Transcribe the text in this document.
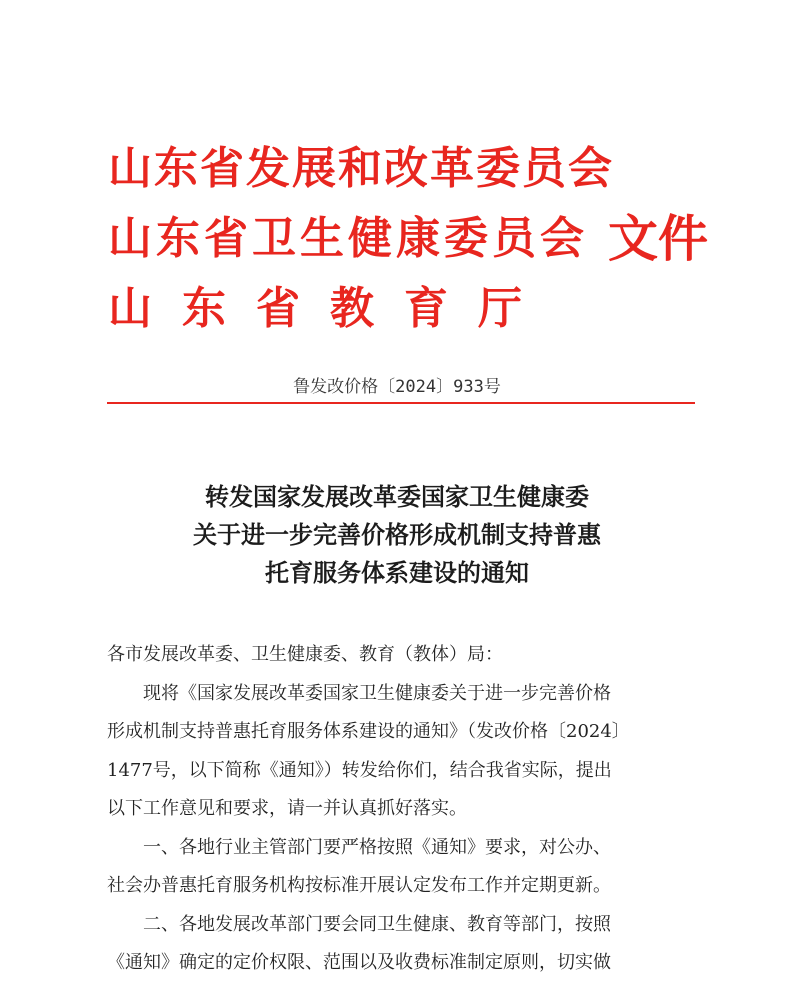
山东省发展和改革委员会
山东省卫生健康委员会
山东省教育厅
文件
鲁发改价格〔2024〕933号
转发国家发展改革委国家卫生健康委
关于进一步完善价格形成机制支持普惠
托育服务体系建设的通知

各市发展改革委、卫生健康委、教育（教体）局：

现将《国家发展改革委国家卫生健康委关于进一步完善价格

形成机制支持普惠托育服务体系建设的通知》（发改价格〔2024〕

1477号，以下简称《通知》）转发给你们，结合我省实际，提出

以下工作意见和要求，请一并认真抓好落实。

一、各地行业主管部门要严格按照《通知》要求，对公办、

社会办普惠托育服务机构按标准开展认定发布工作并定期更新。

二、各地发展改革部门要会同卫生健康、教育等部门，按照

《通知》确定的定价权限、范围以及收费标准制定原则，切实做
